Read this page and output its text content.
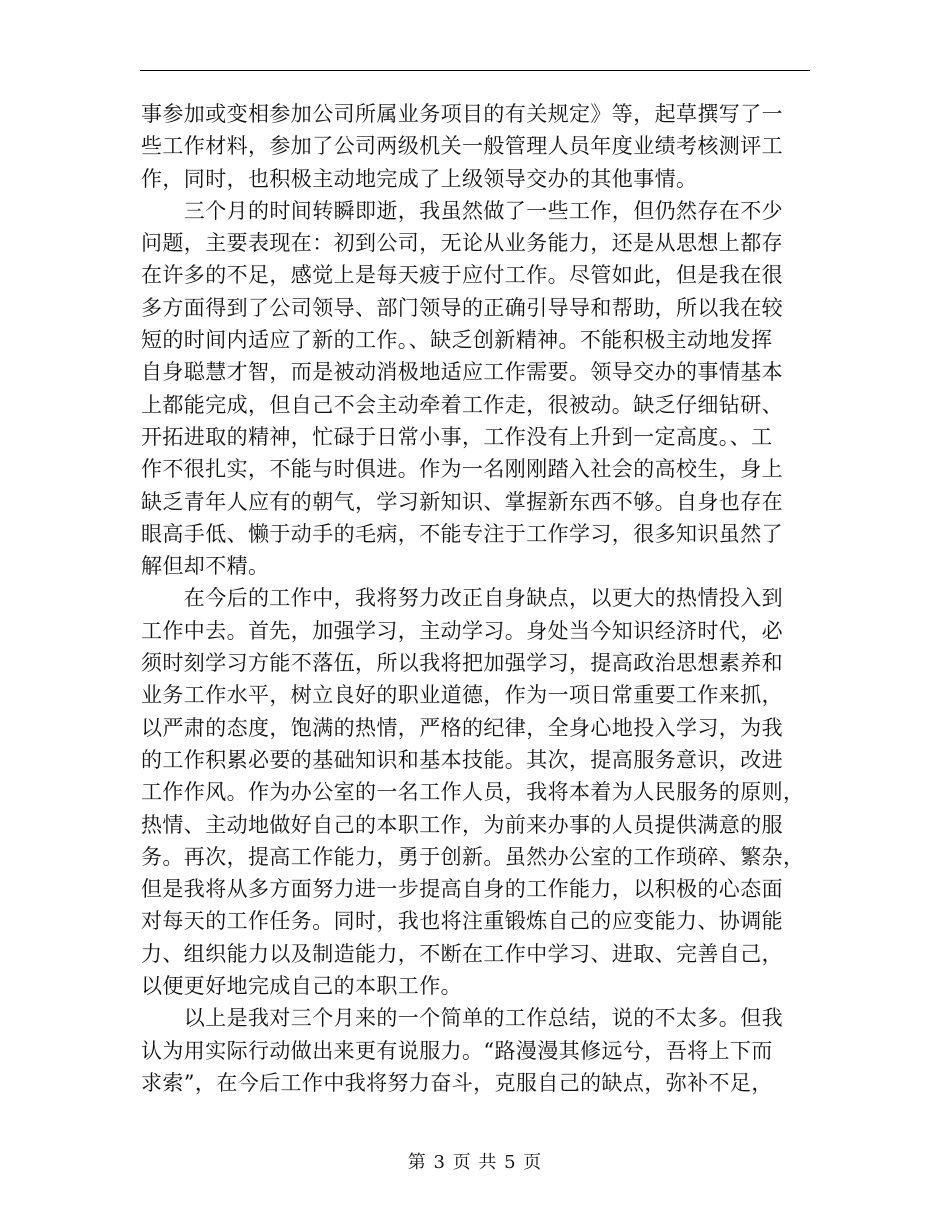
事参加或变相参加公司所属业务项目的有关规定》等，起草撰写了一
些工作材料，参加了公司两级机关一般管理人员年度业绩考核测评工
作，同时，也积极主动地完成了上级领导交办的其他事情。

　　三个月的时间转瞬即逝，我虽然做了一些工作，但仍然存在不少
问题，主要表现在：初到公司，无论从业务能力，还是从思想上都存
在许多的不足，感觉上是每天疲于应付工作。尽管如此，但是我在很
多方面得到了公司领导、部门领导的正确引导导和帮助，所以我在较
短的时间内适应了新的工作。、缺乏创新精神。不能积极主动地发挥
自身聪慧才智，而是被动消极地适应工作需要。领导交办的事情基本
上都能完成，但自己不会主动牵着工作走，很被动。缺乏仔细钻研、
开拓进取的精神，忙碌于日常小事，工作没有上升到一定高度。、工
作不很扎实，不能与时俱进。作为一名刚刚踏入社会的高校生，身上
缺乏青年人应有的朝气，学习新知识、掌握新东西不够。自身也存在
眼高手低、懒于动手的毛病，不能专注于工作学习，很多知识虽然了
解但却不精。

　　在今后的工作中，我将努力改正自身缺点，以更大的热情投入到
工作中去。首先，加强学习，主动学习。身处当今知识经济时代，必
须时刻学习方能不落伍，所以我将把加强学习，提高政治思想素养和
业务工作水平，树立良好的职业道德，作为一项日常重要工作来抓，
以严肃的态度，饱满的热情，严格的纪律，全身心地投入学习，为我
的工作积累必要的基础知识和基本技能。其次，提高服务意识，改进
工作作风。作为办公室的一名工作人员，我将本着为人民服务的原则，
热情、主动地做好自己的本职工作，为前来办事的人员提供满意的服
务。再次，提高工作能力，勇于创新。虽然办公室的工作琐碎、繁杂，
但是我将从多方面努力进一步提高自身的工作能力，以积极的心态面
对每天的工作任务。同时，我也将注重锻炼自己的应变能力、协调能
力、组织能力以及制造能力，不断在工作中学习、进取、完善自己，
以便更好地完成自己的本职工作。

　　以上是我对三个月来的一个简单的工作总结，说的不太多。但我
认为用实际行动做出来更有说服力。“路漫漫其修远兮，吾将上下而
求索”，在今后工作中我将努力奋斗，克服自己的缺点，弥补不足，

第 3 页 共 5 页
